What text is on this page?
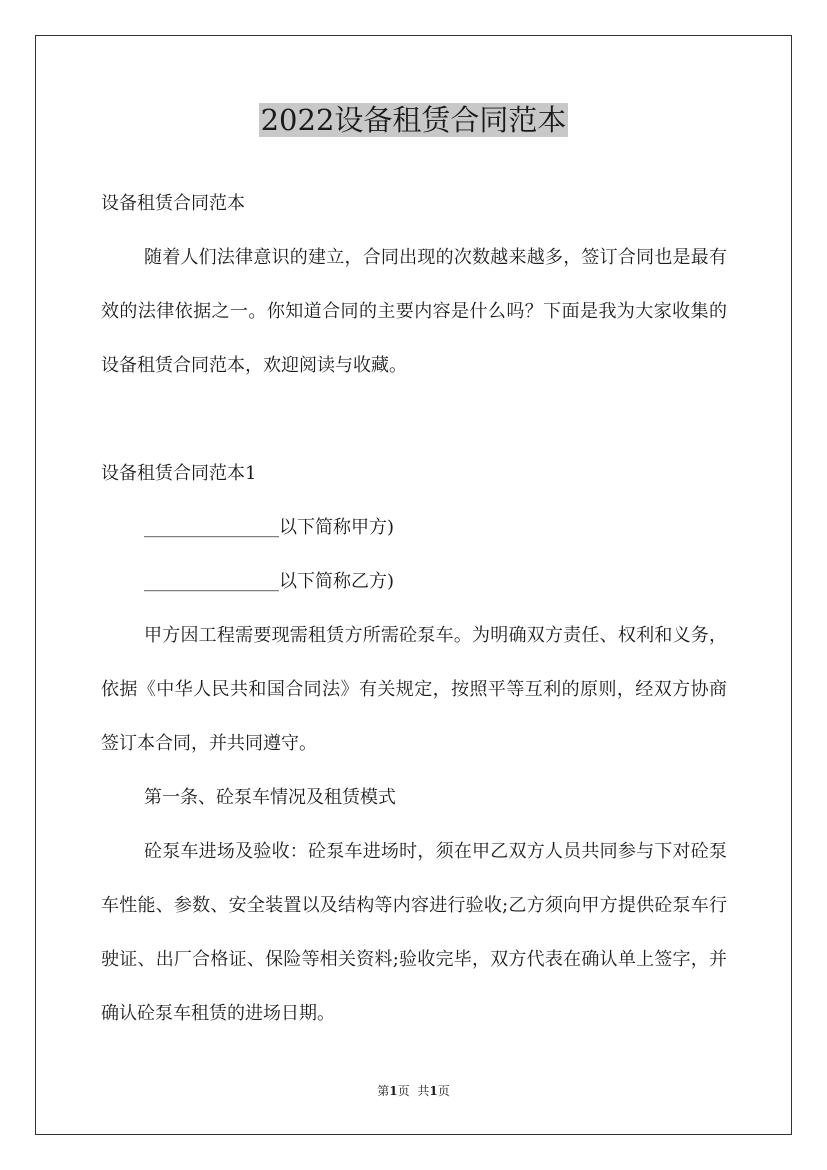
2022设备租赁合同范本

设备租赁合同范本

随着人们法律意识的建立，合同出现的次数越来越多，签订合同也是最有效的法律依据之一。你知道合同的主要内容是什么吗？下面是我为大家收集的设备租赁合同范本，欢迎阅读与收藏。

设备租赁合同范本1

_______________以下简称甲方)

_______________以下简称乙方)

甲方因工程需要现需租赁方所需砼泵车。为明确双方责任、权利和义务，依据《中华人民共和国合同法》有关规定，按照平等互利的原则，经双方协商签订本合同，并共同遵守。

第一条、砼泵车情况及租赁模式

砼泵车进场及验收：砼泵车进场时，须在甲乙双方人员共同参与下对砼泵车性能、参数、安全装置以及结构等内容进行验收;乙方须向甲方提供砼泵车行驶证、出厂合格证、保险等相关资料;验收完毕，双方代表在确认单上签字，并确认砼泵车租赁的进场日期。

第1页 共1页
